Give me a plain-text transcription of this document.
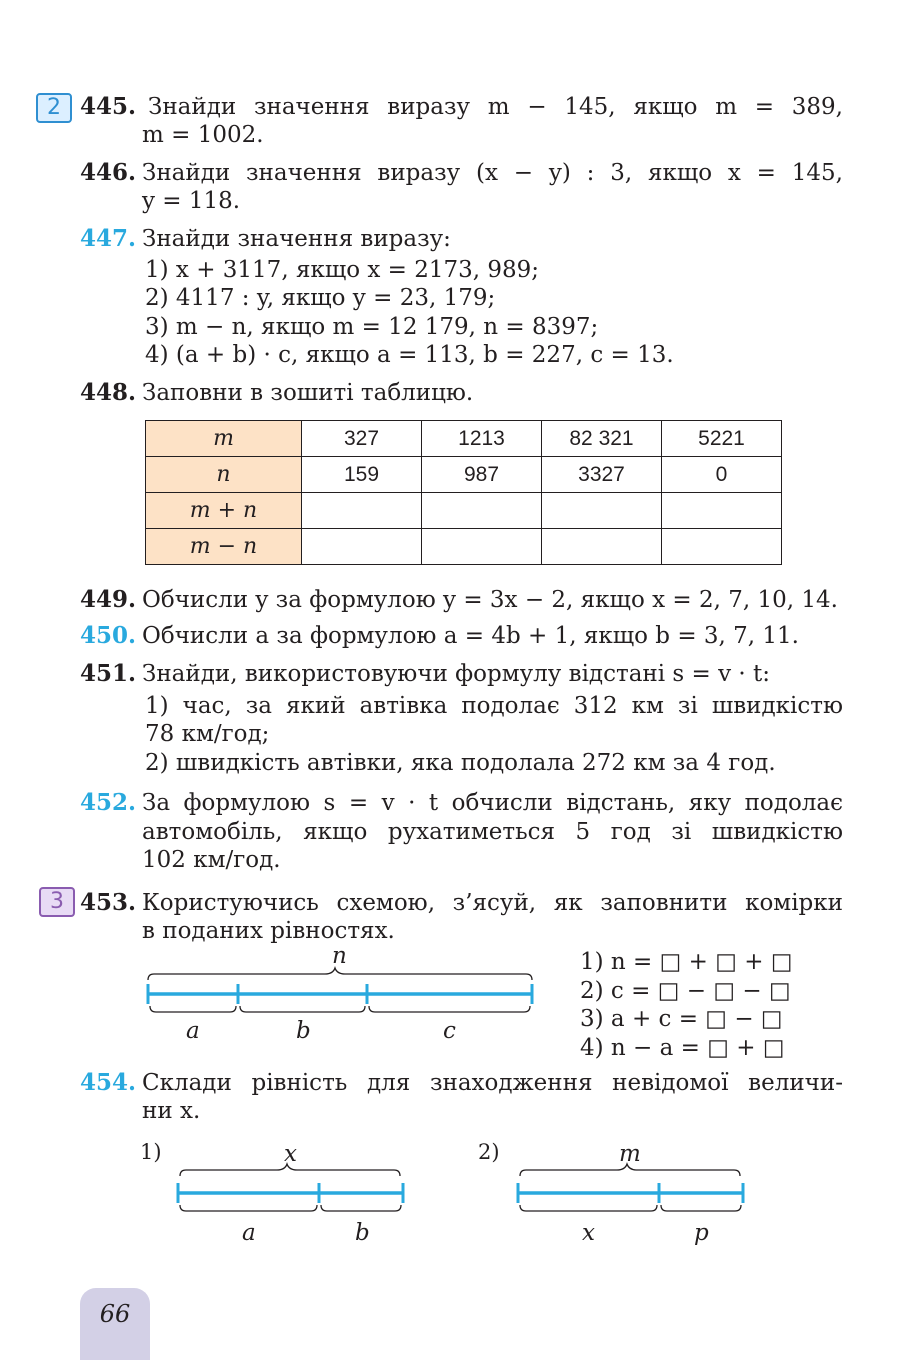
2
3
445. Знайди значення виразу m − 145, якщо m = 389,
m = 1002.
446. Знайди значення виразу (x − y) : 3, якщо x = 145,
y = 118.
447. Знайди значення виразу:
1) x + 3117, якщо x = 2173, 989;
2) 4117 : y, якщо y = 23, 179;
3) m − n, якщо m = 12 179, n = 8397;
4) (a + b) · c, якщо a = 113, b = 227, c = 13.
448. Заповни в зошиті таблицю.
m	327	1213	82 321	5221
n	159	987	3327	0
m + n				
m − n				
449. Обчисли y за формулою y = 3x − 2, якщо x = 2, 7, 10, 14.
450. Обчисли a за формулою a = 4b + 1, якщо b = 3, 7, 11.
451. Знайди, використовуючи формулу відстані s = v · t:
1) час, за який автівка подолає 312 км зі швидкістю
78 км/год;
2) швидкість автівки, яка подолала 272 км за 4 год.
452. За формулою s = v · t обчисли відстань, яку подолає
автомобіль, якщо рухатиметься 5 год зі швидкістю
102 км/год.
453. Користуючись схемою, з’ясуй, як заповнити комірки
в поданих рівностях.
n
a	b	c
1) n = □ + □ + □
2) c = □ − □ − □
3) a + c = □ − □
4) n − a = □ + □
454. Склади рівність для знаходження невідомої величи-
ни x.
1)	x
a	b
2)	m
x	p
66
